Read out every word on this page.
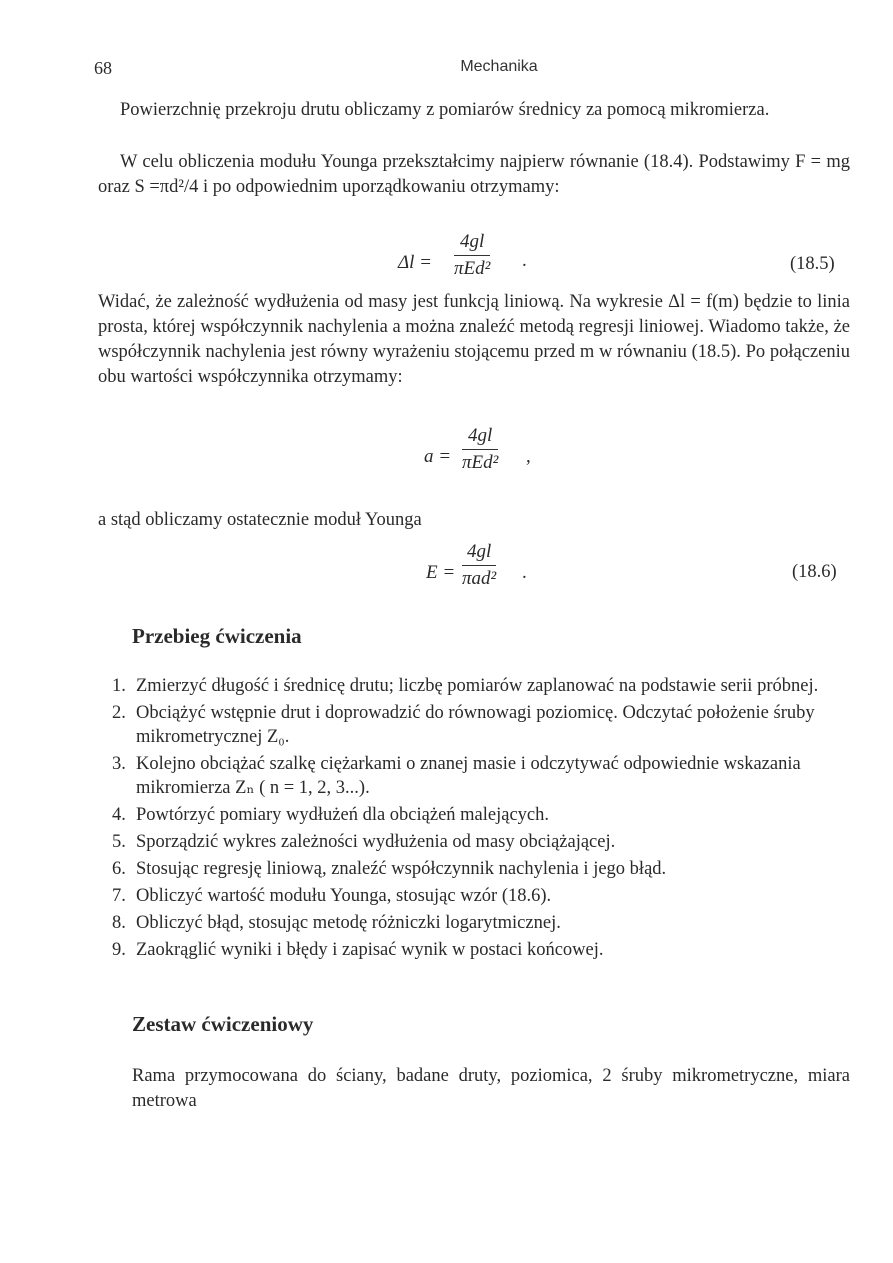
68	Mechanika

Powierzchnię przekroju drutu obliczamy z pomiarów średnicy za pomocą mikromierza.

W celu obliczenia modułu Younga przekształcimy najpierw równanie (18.4). Podstawimy F = mg oraz S =πd²/4 i po odpowiednim uporządkowaniu otrzymamy:

Δl =
4gl
πEd² .	(18.5)

Widać, że zależność wydłużenia od masy jest funkcją liniową. Na wykresie Δl = f(m) będzie to linia prosta, której współczynnik nachylenia a można znaleźć metodą regresji liniowej. Wiadomo także, że współczynnik nachylenia jest równy wyrażeniu stojącemu przed m w równaniu (18.5). Po połączeniu obu wartości współczynnika otrzymamy:

a =
4gl
πEd² ,

a stąd obliczamy ostatecznie moduł Younga

E =
4gl
πad² .	(18.6)
Przebieg ćwiczenia
1. Zmierzyć długość i średnicę drutu; liczbę pomiarów zaplanować na podstawie serii próbnej.
2. Obciążyć wstępnie drut i doprowadzić do równowagi poziomicę. Odczytać położenie śruby mikrometrycznej Z₀.
3. Kolejno obciążać szalkę ciężarkami o znanej masie i odczytywać odpowiednie wskazania mikromierza Zₙ ( n = 1, 2, 3...).
4. Powtórzyć pomiary wydłużeń dla obciążeń malejących.
5. Sporządzić wykres zależności wydłużenia od masy obciążającej.
6. Stosując regresję liniową, znaleźć współczynnik nachylenia i jego błąd.
7. Obliczyć wartość modułu Younga, stosując wzór (18.6).
8. Obliczyć błąd, stosując metodę różniczki logarytmicznej.
9. Zaokrąglić wyniki i błędy i zapisać wynik w postaci końcowej.
Zestaw ćwiczeniowy

Rama przymocowana do ściany, badane druty, poziomica, 2 śruby mikrometryczne, miara metrowa
